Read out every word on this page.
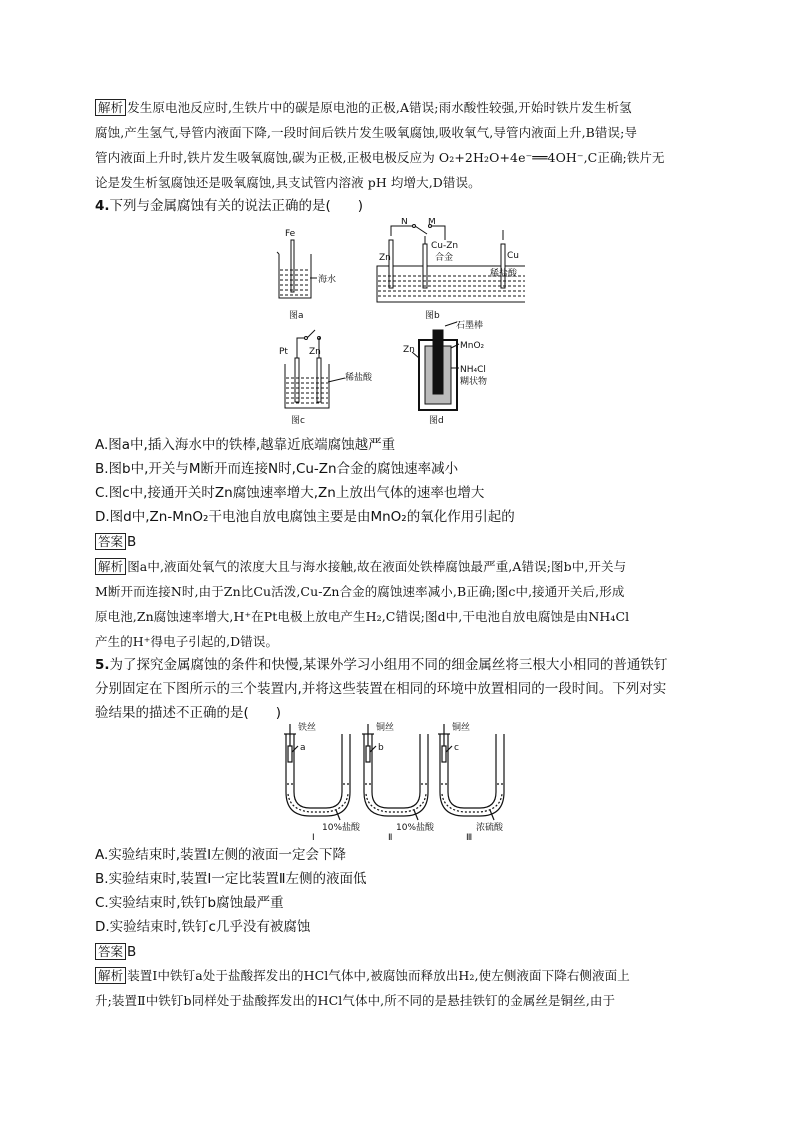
解析 发生原电池反应时,生铁片中的碳是原电池的正极,A错误;雨水酸性较强,开始时铁片发生析氢
腐蚀,产生氢气,导管内液面下降,一段时间后铁片发生吸氧腐蚀,吸收氧气,导管内液面上升,B错误;导
管内液面上升时,铁片发生吸氧腐蚀,碳为正极,正极电极反应为 O₂+2H₂O+4e⁻══4OH⁻,C正确;铁片无
论是发生析氢腐蚀还是吸氧腐蚀,具支试管内溶液 pH 均增大,D错误。
4.下列与金属腐蚀有关的说法正确的是(　　)
Fe
海水
图a
N M
Cu-Zn
合金
Zn	Cu
稀盐酸
图b
Pt Zn
稀盐酸
图c
石墨棒
Zn	MnO₂
NH₄Cl
糊状物
图d
A.图a中,插入海水中的铁棒,越靠近底端腐蚀越严重
B.图b中,开关与M断开而连接N时,Cu-Zn合金的腐蚀速率减小
C.图c中,接通开关时Zn腐蚀速率增大,Zn上放出气体的速率也增大
D.图d中,Zn-MnO₂干电池自放电腐蚀主要是由MnO₂的氧化作用引起的
答案 B
解析 图a中,液面处氧气的浓度大且与海水接触,故在液面处铁棒腐蚀最严重,A错误;图b中,开关与
M断开而连接N时,由于Zn比Cu活泼,Cu-Zn合金的腐蚀速率减小,B正确;图c中,接通开关后,形成
原电池,Zn腐蚀速率增大,H⁺在Pt电极上放电产生H₂,C错误;图d中,干电池自放电腐蚀是由NH₄Cl
产生的H⁺得电子引起的,D错误。
5.为了探究金属腐蚀的条件和快慢,某课外学习小组用不同的细金属丝将三根大小相同的普通铁钉
分别固定在下图所示的三个装置内,并将这些装置在相同的环境中放置相同的一段时间。下列对实
验结果的描述不正确的是(　　)
铁丝	铜丝	铜丝
a	b	c
10%盐酸	10%盐酸	浓硫酸
Ⅰ	Ⅱ	Ⅲ
A.实验结束时,装置Ⅰ左侧的液面一定会下降
B.实验结束时,装置Ⅰ一定比装置Ⅱ左侧的液面低
C.实验结束时,铁钉b腐蚀最严重
D.实验结束时,铁钉c几乎没有被腐蚀
答案 B
解析 装置Ⅰ中铁钉a处于盐酸挥发出的HCl气体中,被腐蚀而释放出H₂,使左侧液面下降右侧液面上
升;装置Ⅱ中铁钉b同样处于盐酸挥发出的HCl气体中,所不同的是悬挂铁钉的金属丝是铜丝,由于
